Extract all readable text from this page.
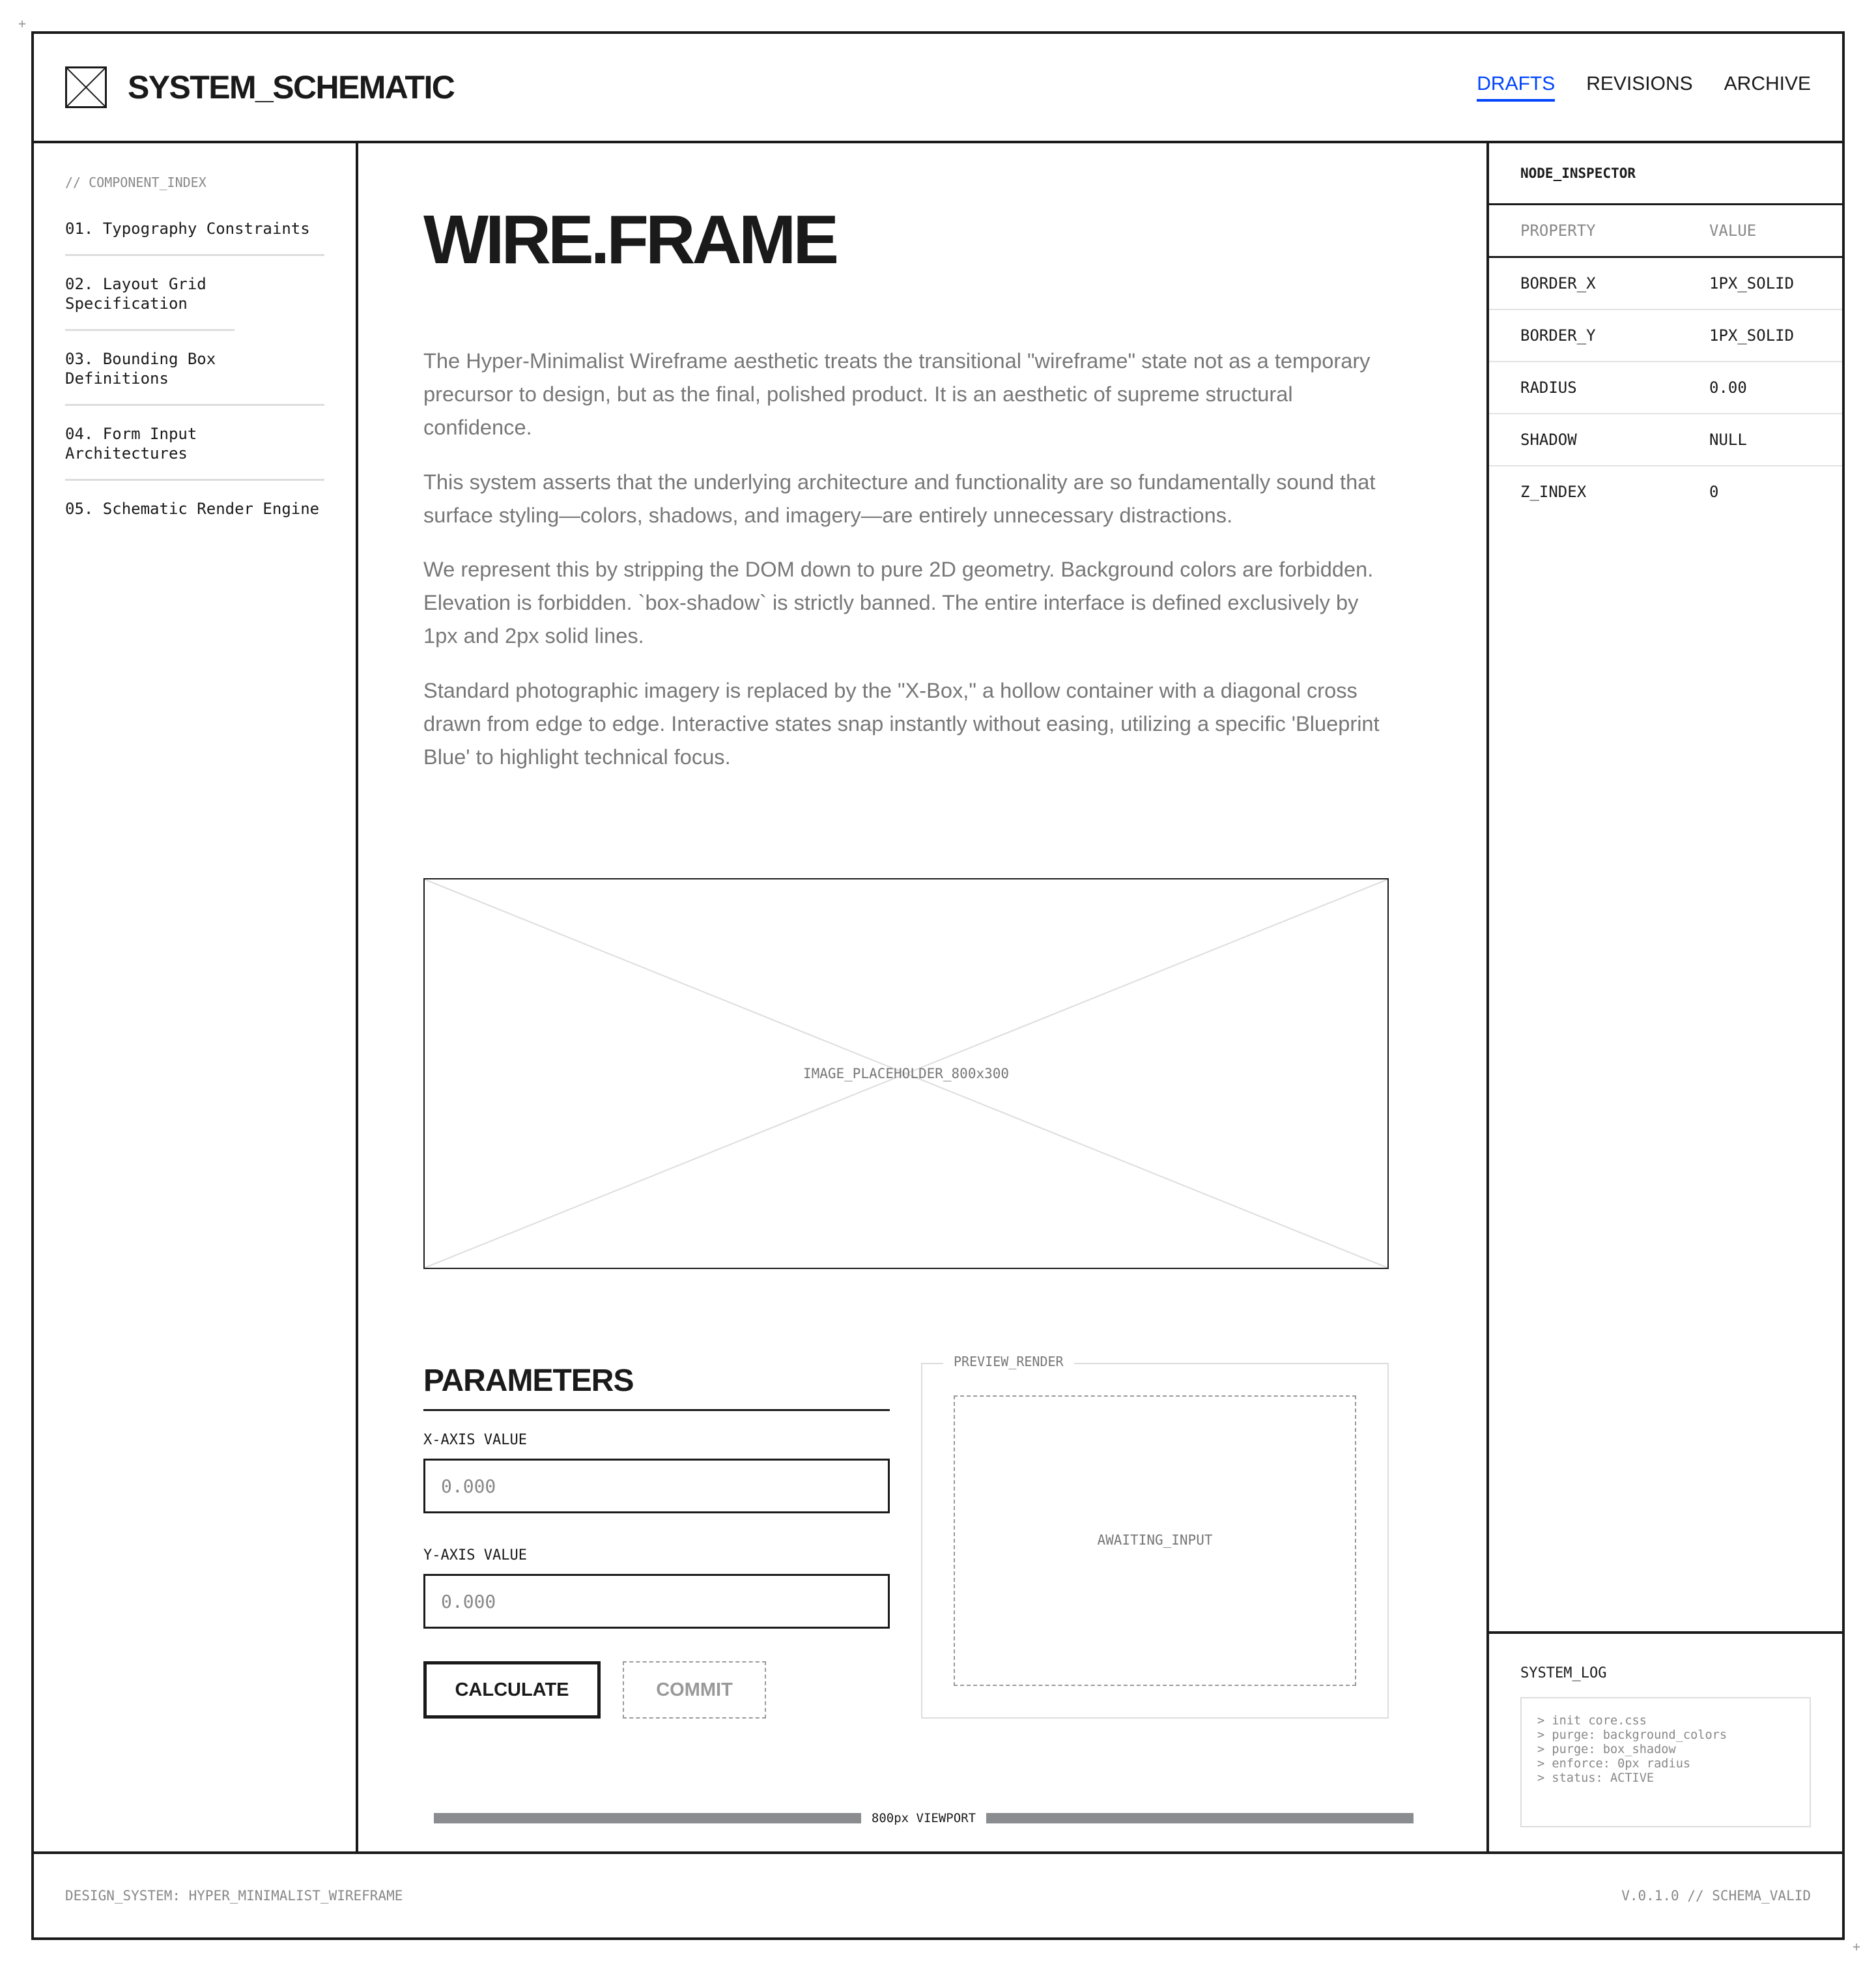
+
+
SYSTEM_SCHEMATIC	DRAFTS	REVISIONS	ARCHIVE
// COMPONENT_INDEX
01. Typography Constraints
02. Layout Grid Specification
03. Bounding Box Definitions
04. Form Input Architectures
05. Schematic Render Engine
WIRE.FRAME

The Hyper-Minimalist Wireframe aesthetic treats the transitional "wireframe" state not as a temporary precursor to design, but as the final, polished product. It is an aesthetic of supreme structural confidence.

This system asserts that the underlying architecture and functionality are so fundamentally sound that surface styling—colors, shadows, and imagery—are entirely unnecessary distractions.

We represent this by stripping the DOM down to pure 2D geometry. Background colors are forbidden. Elevation is forbidden. `box-shadow` is strictly banned. The entire interface is defined exclusively by 1px and 2px solid lines.

Standard photographic imagery is replaced by the "X-Box," a hollow container with a diagonal cross drawn from edge to edge. Interactive states snap instantly without easing, utilizing a specific 'Blueprint Blue' to highlight technical focus.

IMAGE_PLACEHOLDER_800x300
PARAMETERS
X-AXIS VALUE
0.000
Y-AXIS VALUE
0.000
CALCULATE	COMMIT
PREVIEW_RENDER
AWAITING_INPUT
800px VIEWPORT
NODE_INSPECTOR
PROPERTY	VALUE
BORDER_X	1PX_SOLID
BORDER_Y	1PX_SOLID
RADIUS	0.00
SHADOW	NULL
Z_INDEX	0
SYSTEM_LOG
> init core.css
> purge: background_colors
> purge: box_shadow
> enforce: 0px radius
> status: ACTIVE
DESIGN_SYSTEM: HYPER_MINIMALIST_WIREFRAME	V.0.1.0 // SCHEMA_VALID
